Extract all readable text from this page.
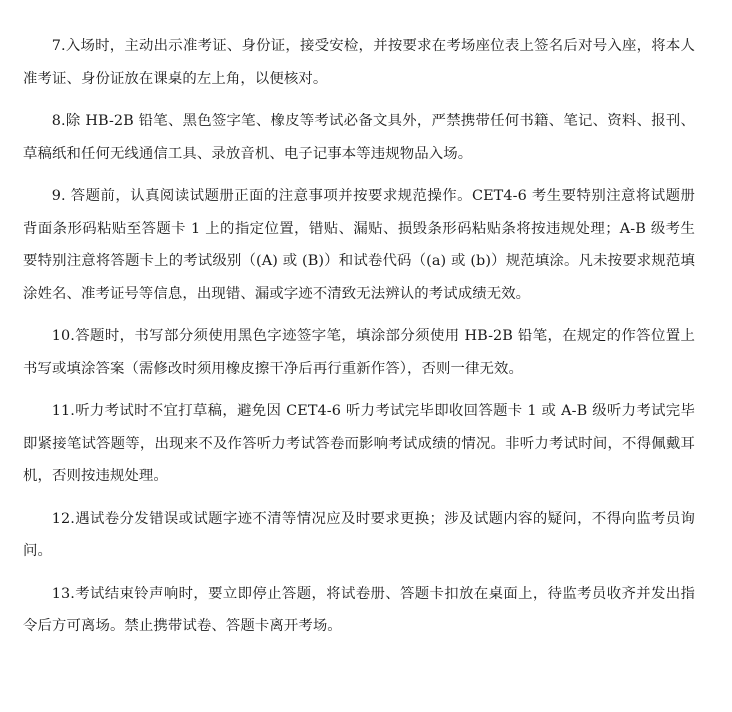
7.入场时，主动出示准考证、身份证，接受安检，并按要求在考场座位表上签名后对号入座，将本人准考证、身份证放在课桌的左上角，以便核对。

8.除 HB-2B 铅笔、黑色签字笔、橡皮等考试必备文具外，严禁携带任何书籍、笔记、资料、报刊、草稿纸和任何无线通信工具、录放音机、电子记事本等违规物品入场。

9. 答题前，认真阅读试题册正面的注意事项并按要求规范操作。CET4-6 考生要特别注意将试题册背面条形码粘贴至答题卡 1 上的指定位置，错贴、漏贴、损毁条形码粘贴条将按违规处理；A-B 级考生要特别注意将答题卡上的考试级别（(A) 或 (B)）和试卷代码（(a) 或 (b)）规范填涂。凡未按要求规范填涂姓名、准考证号等信息，出现错、漏或字迹不清致无法辨认的考试成绩无效。

10.答题时，书写部分须使用黑色字迹签字笔，填涂部分须使用 HB-2B 铅笔，在规定的作答位置上书写或填涂答案（需修改时须用橡皮擦干净后再行重新作答），否则一律无效。

11.听力考试时不宜打草稿，避免因 CET4-6 听力考试完毕即收回答题卡 1 或 A-B 级听力考试完毕即紧接笔试答题等，出现来不及作答听力考试答卷而影响考试成绩的情况。非听力考试时间，不得佩戴耳机，否则按违规处理。

12.遇试卷分发错误或试题字迹不清等情况应及时要求更换；涉及试题内容的疑问，不得向监考员询问。

13.考试结束铃声响时，要立即停止答题，将试卷册、答题卡扣放在桌面上，待监考员收齐并发出指令后方可离场。禁止携带试卷、答题卡离开考场。
